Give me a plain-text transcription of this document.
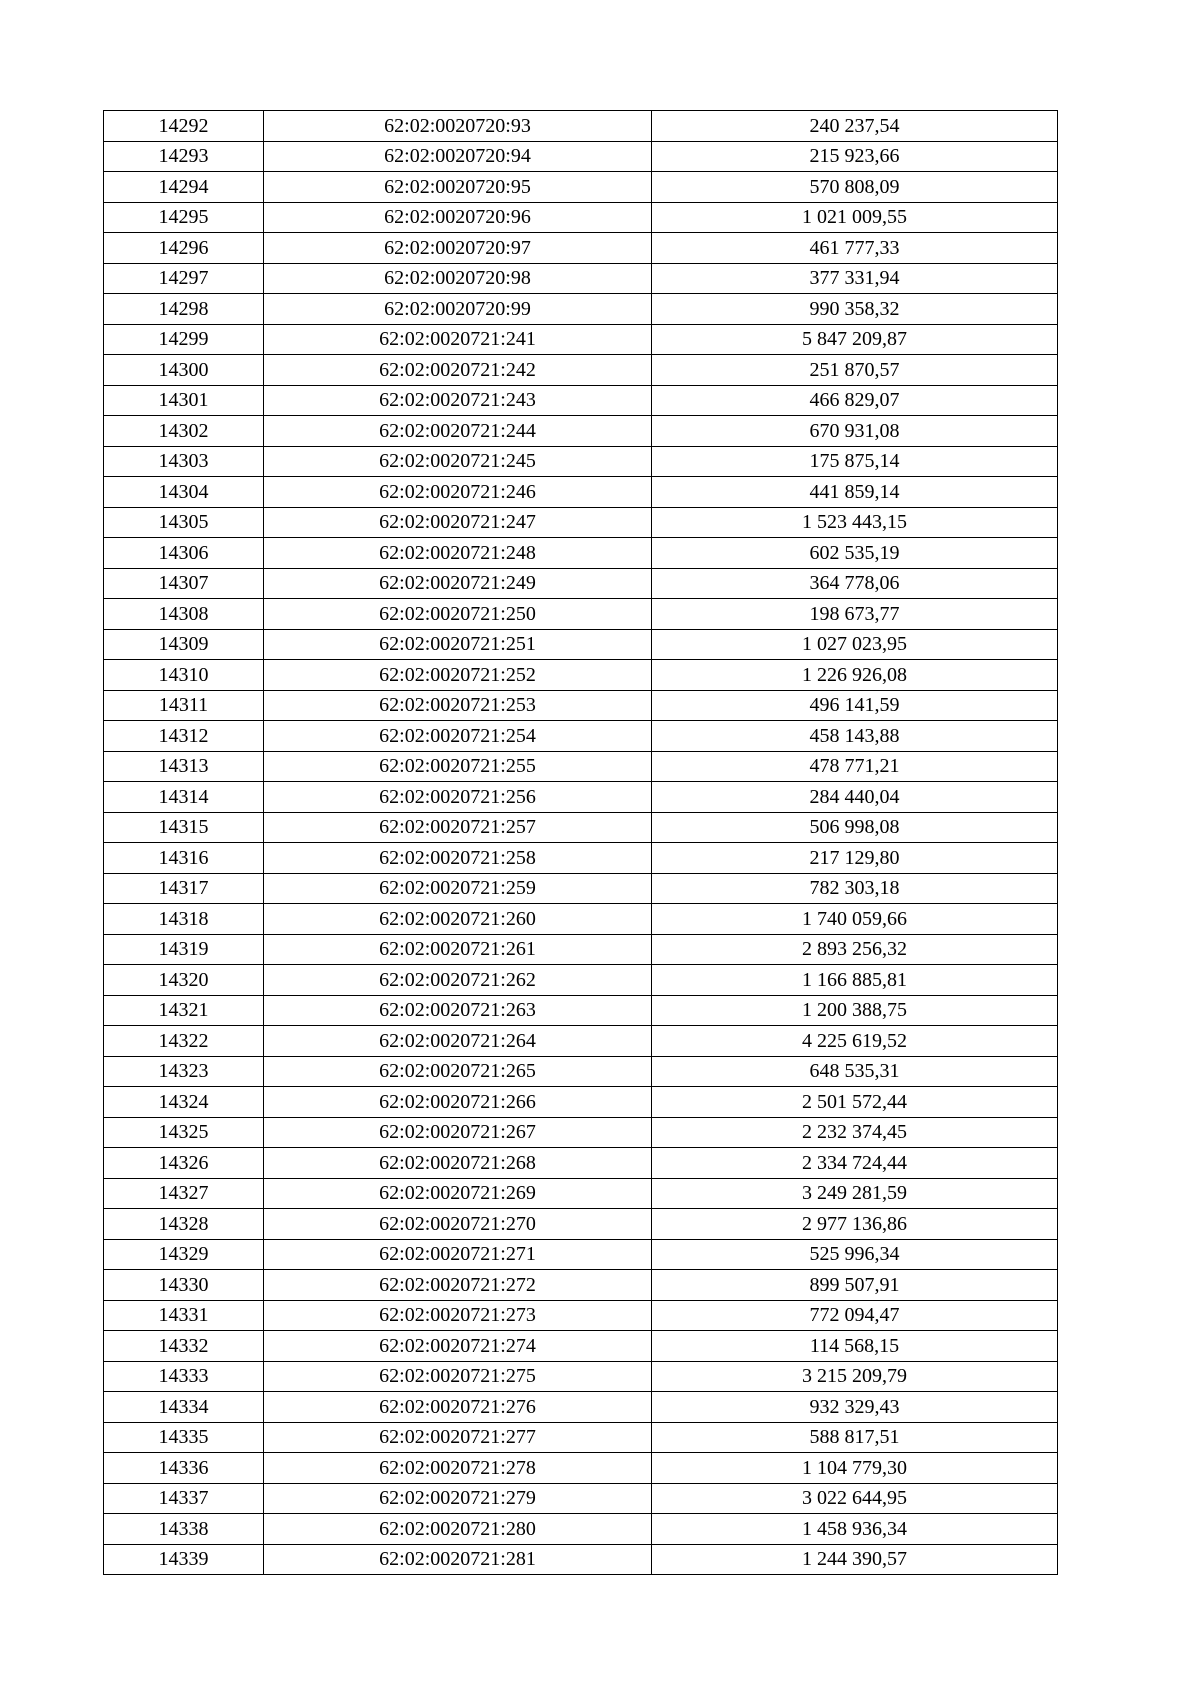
14292	62:02:0020720:93	240 237,54
14293	62:02:0020720:94	215 923,66
14294	62:02:0020720:95	570 808,09
14295	62:02:0020720:96	1 021 009,55
14296	62:02:0020720:97	461 777,33
14297	62:02:0020720:98	377 331,94
14298	62:02:0020720:99	990 358,32
14299	62:02:0020721:241	5 847 209,87
14300	62:02:0020721:242	251 870,57
14301	62:02:0020721:243	466 829,07
14302	62:02:0020721:244	670 931,08
14303	62:02:0020721:245	175 875,14
14304	62:02:0020721:246	441 859,14
14305	62:02:0020721:247	1 523 443,15
14306	62:02:0020721:248	602 535,19
14307	62:02:0020721:249	364 778,06
14308	62:02:0020721:250	198 673,77
14309	62:02:0020721:251	1 027 023,95
14310	62:02:0020721:252	1 226 926,08
14311	62:02:0020721:253	496 141,59
14312	62:02:0020721:254	458 143,88
14313	62:02:0020721:255	478 771,21
14314	62:02:0020721:256	284 440,04
14315	62:02:0020721:257	506 998,08
14316	62:02:0020721:258	217 129,80
14317	62:02:0020721:259	782 303,18
14318	62:02:0020721:260	1 740 059,66
14319	62:02:0020721:261	2 893 256,32
14320	62:02:0020721:262	1 166 885,81
14321	62:02:0020721:263	1 200 388,75
14322	62:02:0020721:264	4 225 619,52
14323	62:02:0020721:265	648 535,31
14324	62:02:0020721:266	2 501 572,44
14325	62:02:0020721:267	2 232 374,45
14326	62:02:0020721:268	2 334 724,44
14327	62:02:0020721:269	3 249 281,59
14328	62:02:0020721:270	2 977 136,86
14329	62:02:0020721:271	525 996,34
14330	62:02:0020721:272	899 507,91
14331	62:02:0020721:273	772 094,47
14332	62:02:0020721:274	114 568,15
14333	62:02:0020721:275	3 215 209,79
14334	62:02:0020721:276	932 329,43
14335	62:02:0020721:277	588 817,51
14336	62:02:0020721:278	1 104 779,30
14337	62:02:0020721:279	3 022 644,95
14338	62:02:0020721:280	1 458 936,34
14339	62:02:0020721:281	1 244 390,57
